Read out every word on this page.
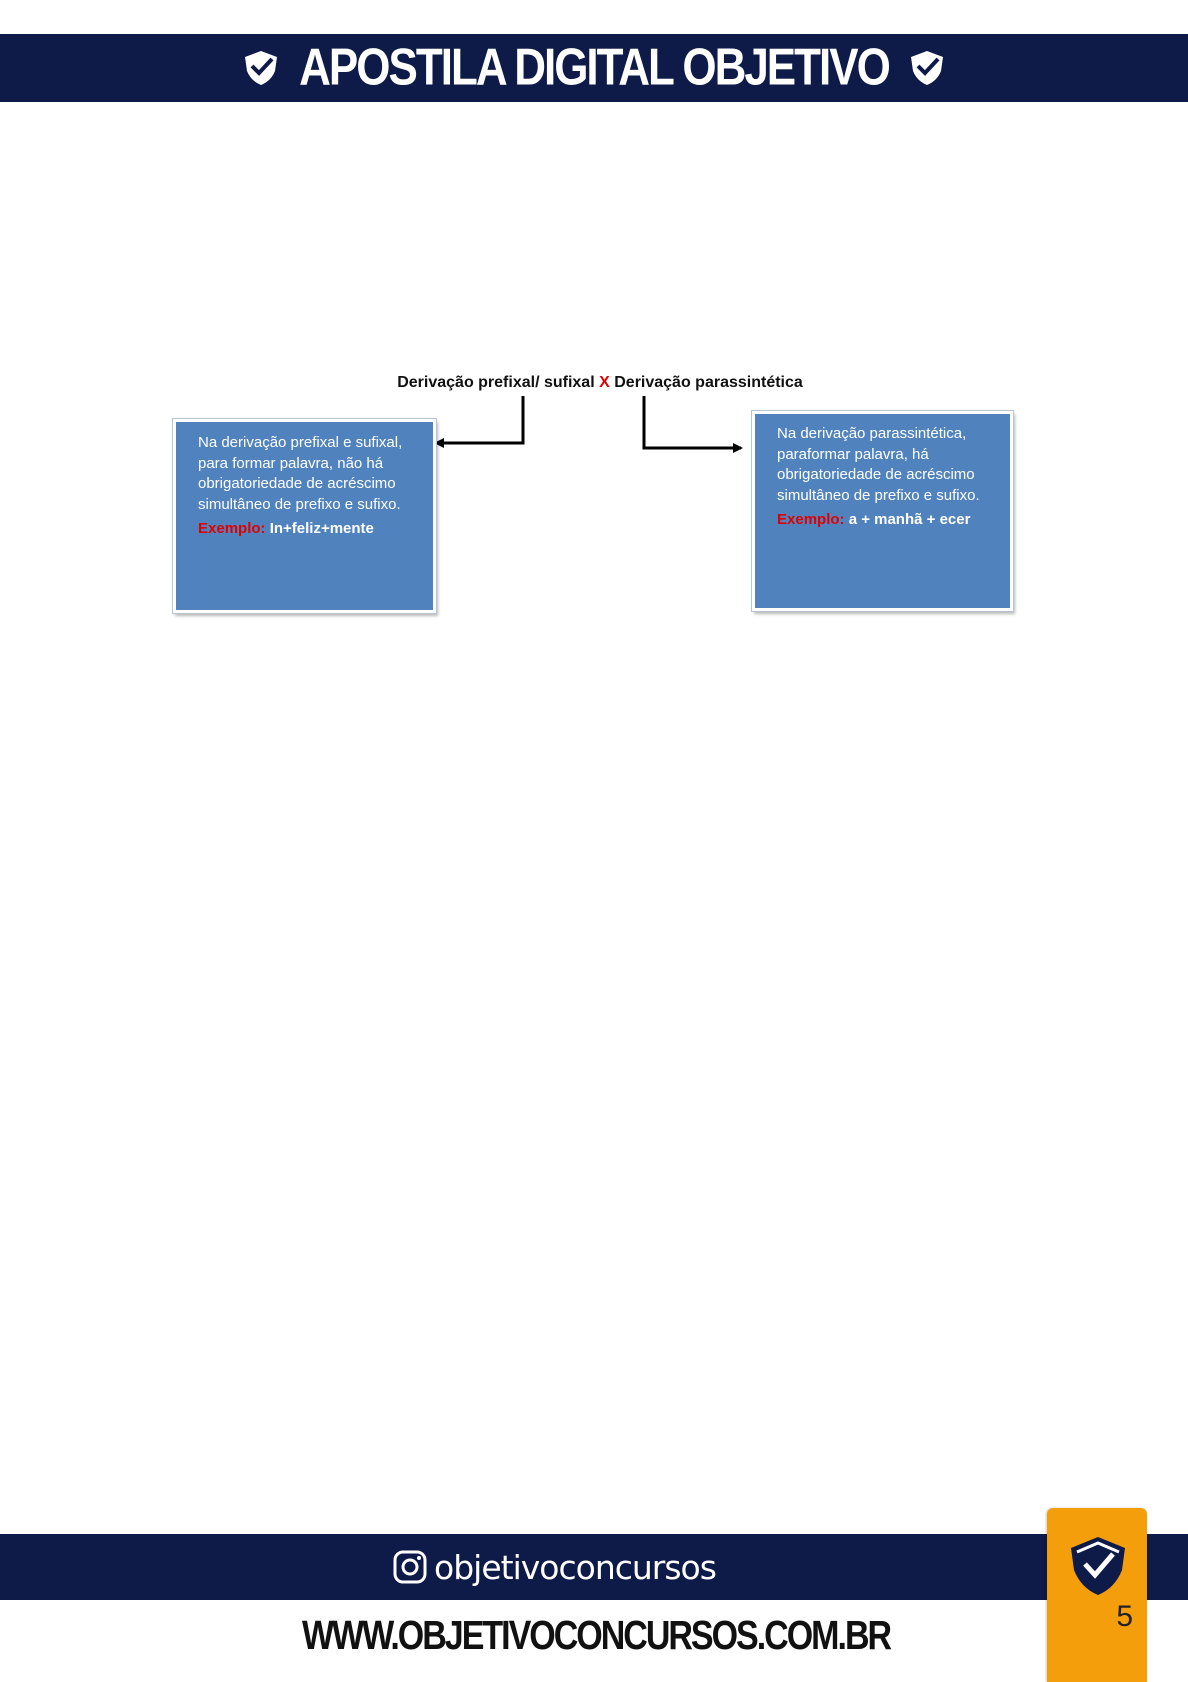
APOSTILA DIGITAL OBJETIVO
Derivação prefixal/ sufixal X Derivação parassintética

Na derivação prefixal e sufixal, para formar palavra, não há obrigatoriedade de acréscimo simultâneo de prefixo e sufixo.

Exemplo: In+feliz+mente

Na derivação parassintética, paraformar palavra, há obrigatoriedade de acréscimo simultâneo de prefixo e sufixo.

Exemplo: a + manhã + ecer

objetivoconcursos
WWW.OBJETIVOCONCURSOS.COM.BR	5
